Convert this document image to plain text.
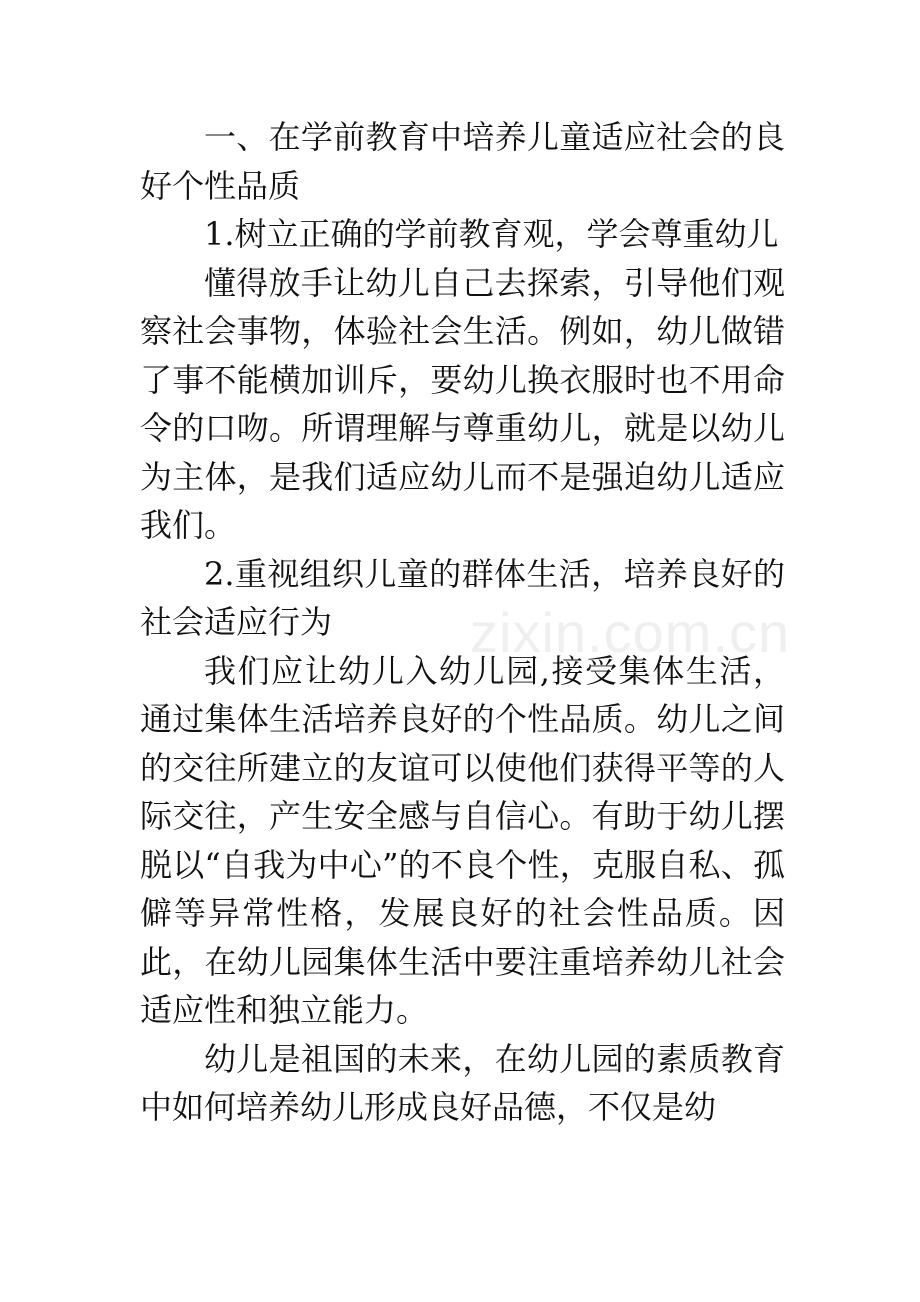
一、在学前教育中培养儿童适应社会的良好个性品质

1.树立正确的学前教育观，学会尊重幼儿

懂得放手让幼儿自己去探索，引导他们观察社会事物，体验社会生活。例如，幼儿做错了事不能横加训斥，要幼儿换衣服时也不用命令的口吻。所谓理解与尊重幼儿，就是以幼儿为主体，是我们适应幼儿而不是强迫幼儿适应我们。

2.重视组织儿童的群体生活，培养良好的社会适应行为

我们应让幼儿入幼儿园,接受集体生活，通过集体生活培养良好的个性品质。幼儿之间的交往所建立的友谊可以使他们获得平等的人际交往，产生安全感与自信心。有助于幼儿摆脱以“自我为中心”的不良个性，克服自私、孤僻等异常性格，发展良好的社会性品质。因此，在幼儿园集体生活中要注重培养幼儿社会适应性和独立能力。

幼儿是祖国的未来，在幼儿园的素质教育中如何培养幼儿形成良好品德，不仅是幼

zixin.com.cn
